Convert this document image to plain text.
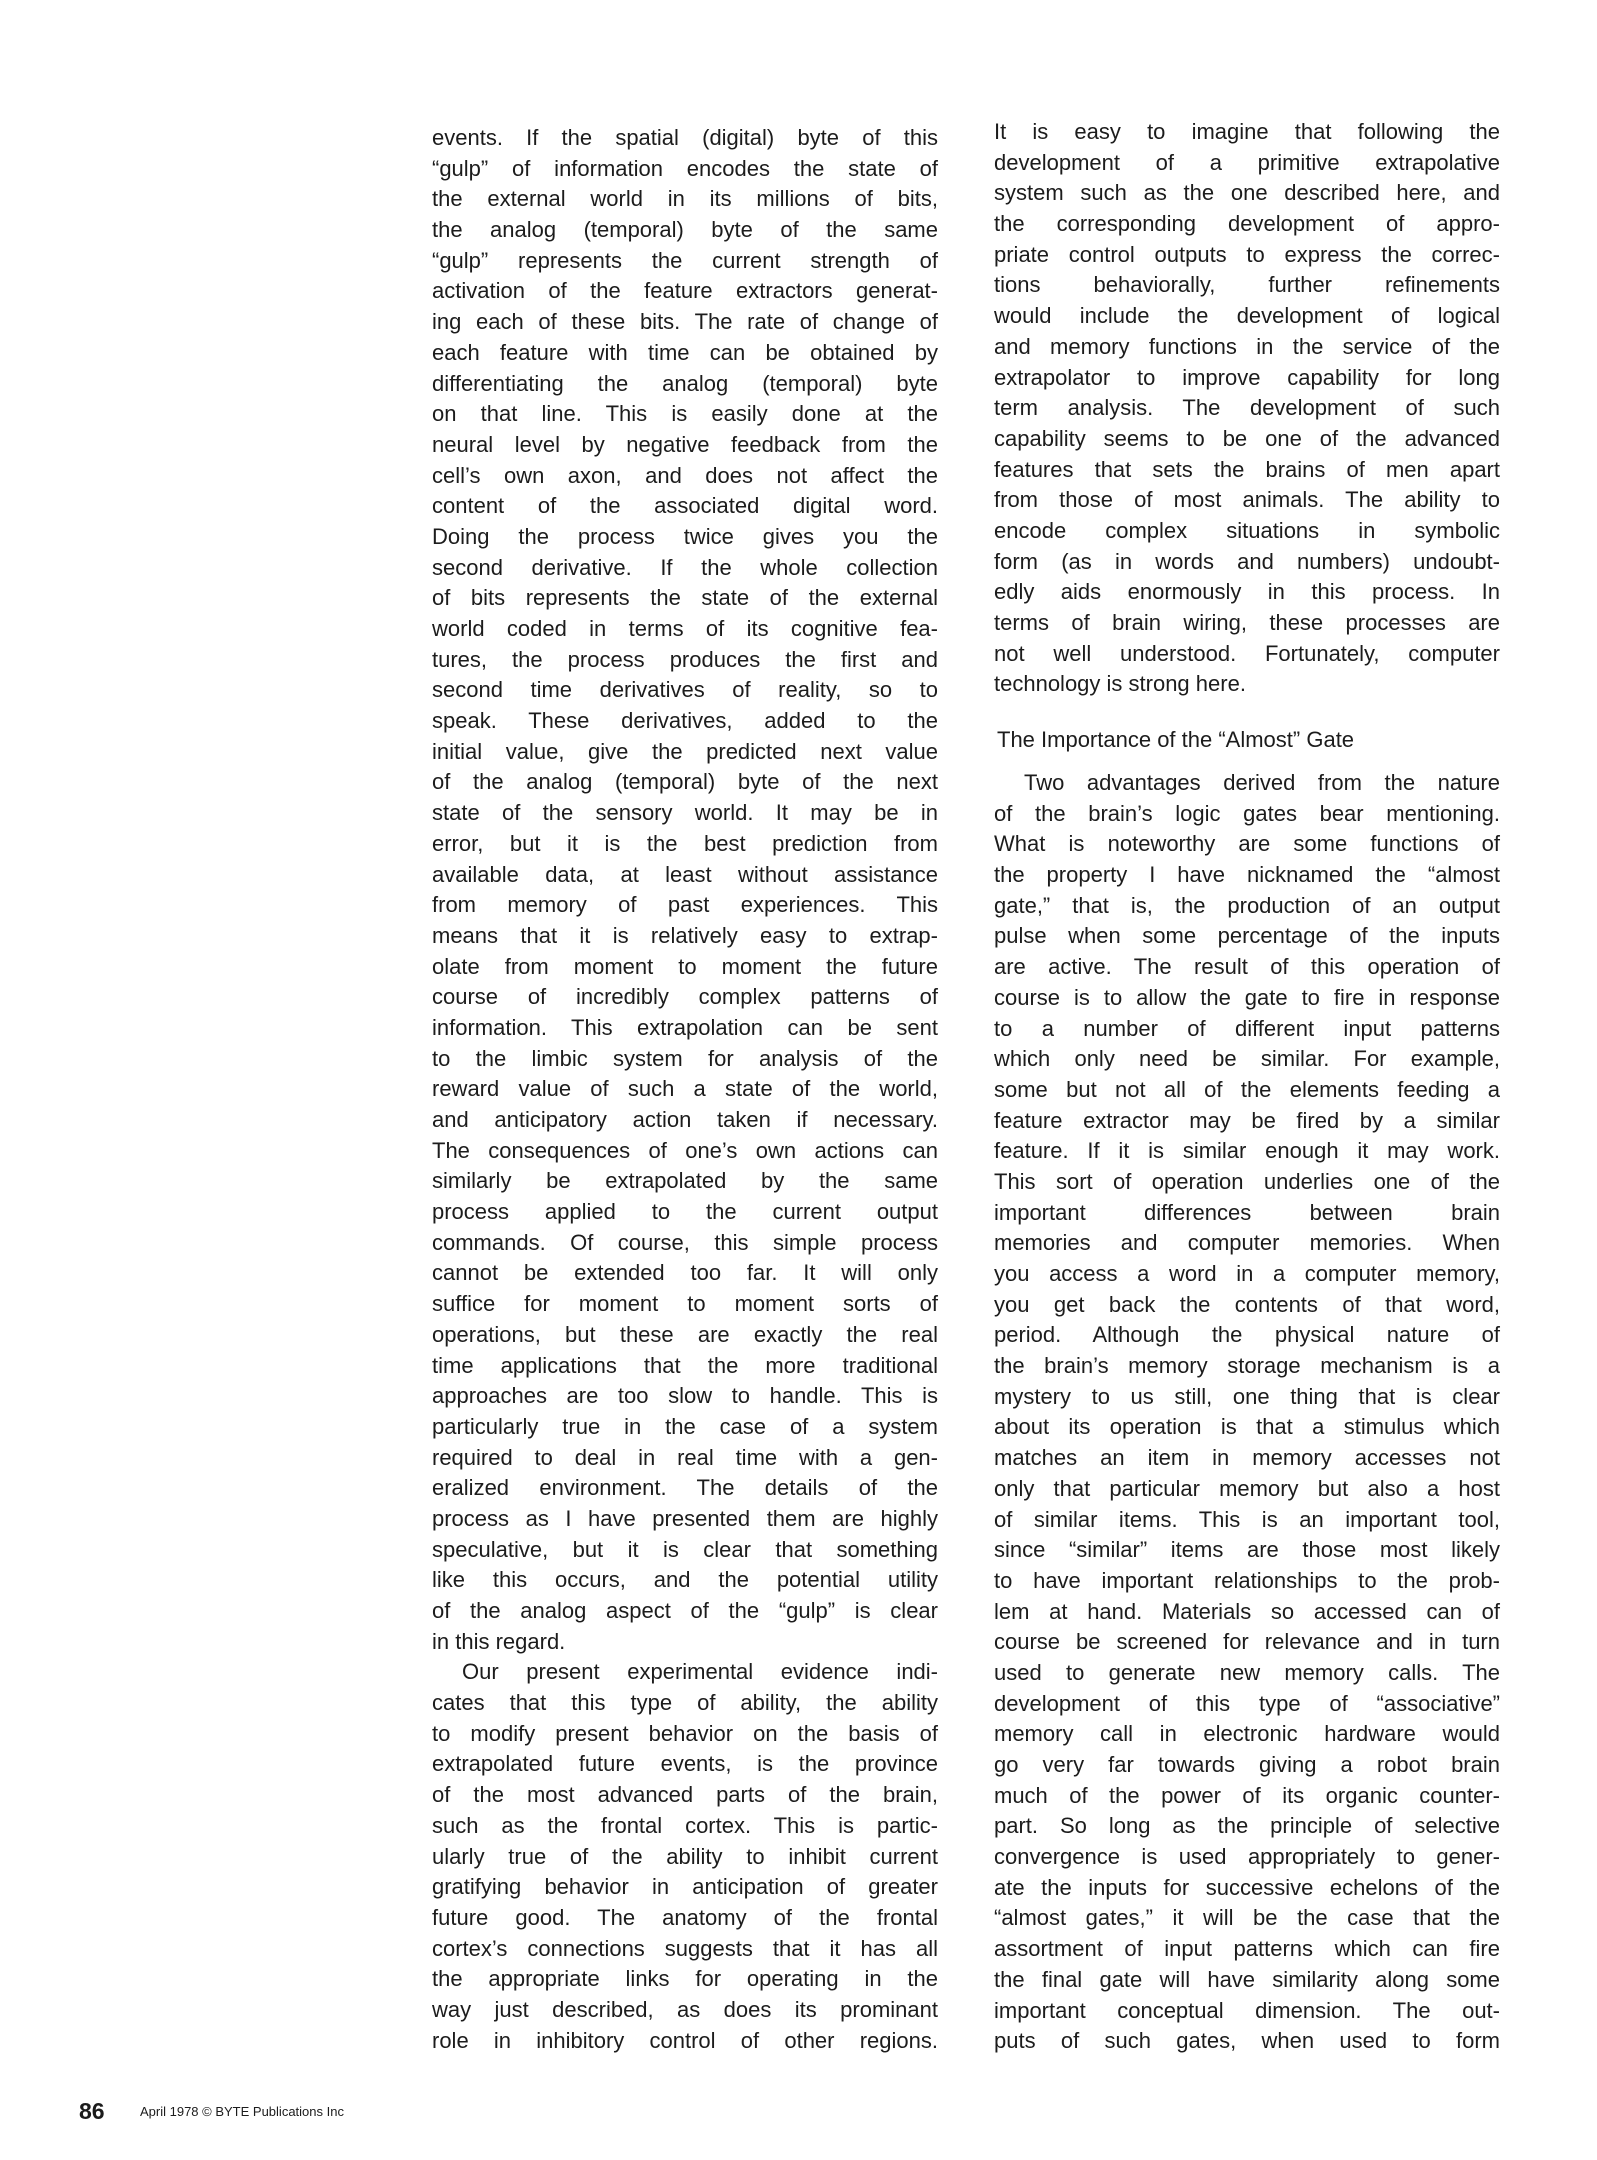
events. If the spatial (digital) byte of this
“gulp” of information encodes the state of
the external world in its millions of bits,
the analog (temporal) byte of the same
“gulp” represents the current strength of
activation of the feature extractors generat-
ing each of these bits. The rate of change of
each feature with time can be obtained by
differentiating the analog (temporal) byte
on that line. This is easily done at the
neural level by negative feedback from the
cell’s own axon, and does not affect the
content of the associated digital word.
Doing the process twice gives you the
second derivative. If the whole collection
of bits represents the state of the external
world coded in terms of its cognitive fea-
tures, the process produces the first and
second time derivatives of reality, so to
speak. These derivatives, added to the
initial value, give the predicted next value
of the analog (temporal) byte of the next
state of the sensory world. It may be in
error, but it is the best prediction from
available data, at least without assistance
from memory of past experiences. This
means that it is relatively easy to extrap-
olate from moment to moment the future
course of incredibly complex patterns of
information. This extrapolation can be sent
to the limbic system for analysis of the
reward value of such a state of the world,
and anticipatory action taken if necessary.
The consequences of one’s own actions can
similarly be extrapolated by the same
process applied to the current output
commands. Of course, this simple process
cannot be extended too far. It will only
suffice for moment to moment sorts of
operations, but these are exactly the real
time applications that the more traditional
approaches are too slow to handle. This is
particularly true in the case of a system
required to deal in real time with a gen-
eralized environment. The details of the
process as I have presented them are highly
speculative, but it is clear that something
like this occurs, and the potential utility
of the analog aspect of the “gulp” is clear
in this regard.
Our present experimental evidence indi-
cates that this type of ability, the ability
to modify present behavior on the basis of
extrapolated future events, is the province
of the most advanced parts of the brain,
such as the frontal cortex. This is partic-
ularly true of the ability to inhibit current
gratifying behavior in anticipation of greater
future good. The anatomy of the frontal
cortex’s connections suggests that it has all
the appropriate links for operating in the
way just described, as does its prominant
role in inhibitory control of other regions.
It is easy to imagine that following the
development of a primitive extrapolative
system such as the one described here, and
the corresponding development of appro-
priate control outputs to express the correc-
tions behaviorally, further refinements
would include the development of logical
and memory functions in the service of the
extrapolator to improve capability for long
term analysis. The development of such
capability seems to be one of the advanced
features that sets the brains of men apart
from those of most animals. The ability to
encode complex situations in symbolic
form (as in words and numbers) undoubt-
edly aids enormously in this process. In
terms of brain wiring, these processes are
not well understood. Fortunately, computer
technology is strong here.
The Importance of the “Almost” Gate
Two advantages derived from the nature
of the brain’s logic gates bear mentioning.
What is noteworthy are some functions of
the property I have nicknamed the “almost
gate,” that is, the production of an output
pulse when some percentage of the inputs
are active. The result of this operation of
course is to allow the gate to fire in response
to a number of different input patterns
which only need be similar. For example,
some but not all of the elements feeding a
feature extractor may be fired by a similar
feature. If it is similar enough it may work.
This sort of operation underlies one of the
important differences between brain
memories and computer memories. When
you access a word in a computer memory,
you get back the contents of that word,
period. Although the physical nature of
the brain’s memory storage mechanism is a
mystery to us still, one thing that is clear
about its operation is that a stimulus which
matches an item in memory accesses not
only that particular memory but also a host
of similar items. This is an important tool,
since “similar” items are those most likely
to have important relationships to the prob-
lem at hand. Materials so accessed can of
course be screened for relevance and in turn
used to generate new memory calls. The
development of this type of “associative”
memory call in electronic hardware would
go very far towards giving a robot brain
much of the power of its organic counter-
part. So long as the principle of selective
convergence is used appropriately to gener-
ate the inputs for successive echelons of the
“almost gates,” it will be the case that the
assortment of input patterns which can fire
the final gate will have similarity along some
important conceptual dimension. The out-
puts of such gates, when used to form
86	April 1978 © BYTE Publications Inc
